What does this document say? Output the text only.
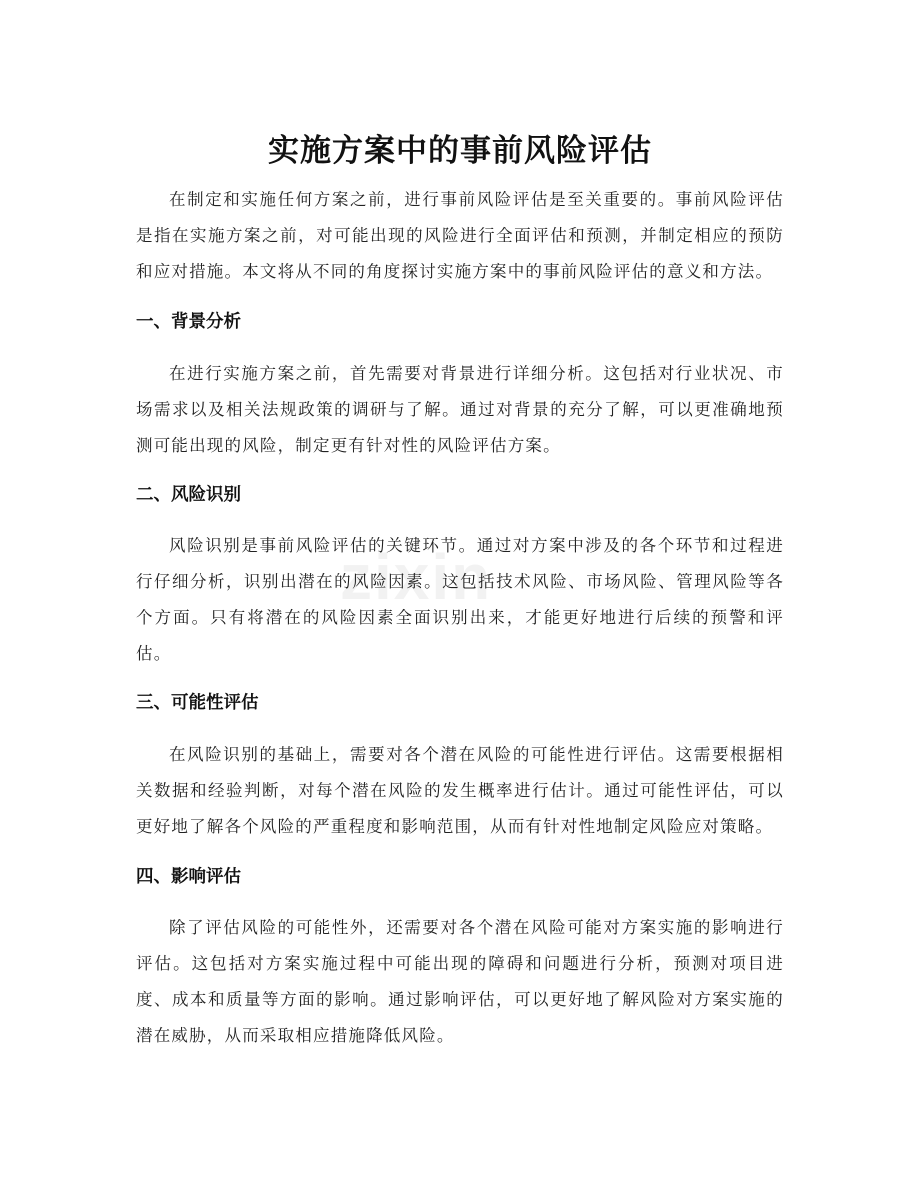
zixin
实施方案中的事前风险评估

在制定和实施任何方案之前，进行事前风险评估是至关重要的。事前风险评估是指在实施方案之前，对可能出现的风险进行全面评估和预测，并制定相应的预防和应对措施。本文将从不同的角度探讨实施方案中的事前风险评估的意义和方法。

一、背景分析

在进行实施方案之前，首先需要对背景进行详细分析。这包括对行业状况、市场需求以及相关法规政策的调研与了解。通过对背景的充分了解，可以更准确地预测可能出现的风险，制定更有针对性的风险评估方案。

二、风险识别

风险识别是事前风险评估的关键环节。通过对方案中涉及的各个环节和过程进行仔细分析，识别出潜在的风险因素。这包括技术风险、市场风险、管理风险等各个方面。只有将潜在的风险因素全面识别出来，才能更好地进行后续的预警和评估。

三、可能性评估

在风险识别的基础上，需要对各个潜在风险的可能性进行评估。这需要根据相关数据和经验判断，对每个潜在风险的发生概率进行估计。通过可能性评估，可以更好地了解各个风险的严重程度和影响范围，从而有针对性地制定风险应对策略。

四、影响评估

除了评估风险的可能性外，还需要对各个潜在风险可能对方案实施的影响进行评估。这包括对方案实施过程中可能出现的障碍和问题进行分析，预测对项目进度、成本和质量等方面的影响。通过影响评估，可以更好地了解风险对方案实施的潜在威胁，从而采取相应措施降低风险。
